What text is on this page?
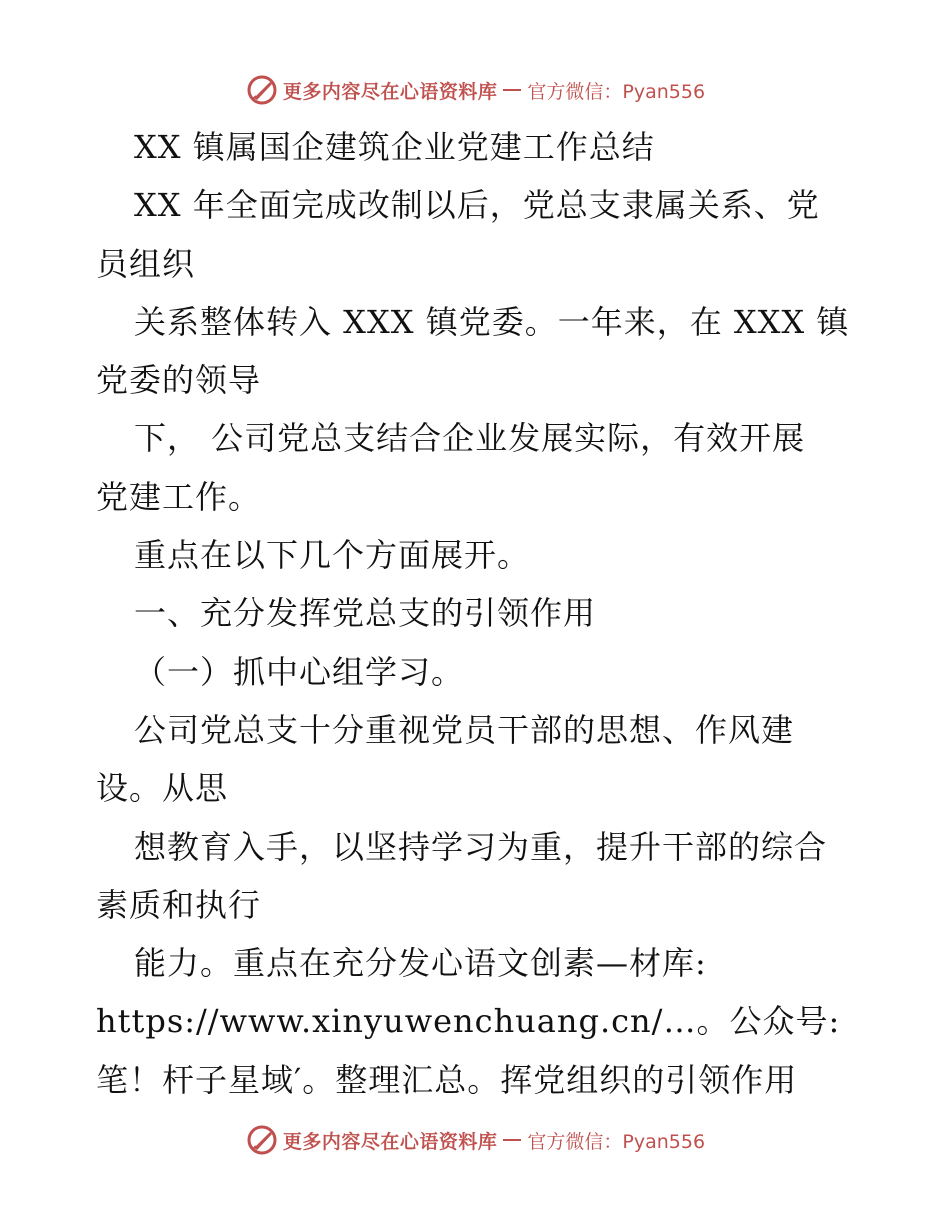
更多内容尽在心语资料库 官方微信：Pyan556
XX 镇属国企建筑企业党建工作总结
XX 年全面完成改制以后，党总支隶属关系、党
员组织
关系整体转入 XXX 镇党委。一年来，在 XXX 镇
党委的领导
下， 公司党总支结合企业发展实际，有效开展
党建工作。
重点在以下几个方面展开。
一、充分发挥党总支的引领作用
（一）抓中心组学习。
公司党总支十分重视党员干部的思想、作风建
设。从思
想教育入手，以坚持学习为重，提升干部的综合
素质和执行
能力。重点在充分发心语文创素—材库:
https://www.xinyuwenchuang.cn/…。公众号:
笔！杆子星域′。整理汇总。挥党组织的引领作用
更多内容尽在心语资料库 官方微信：Pyan556
